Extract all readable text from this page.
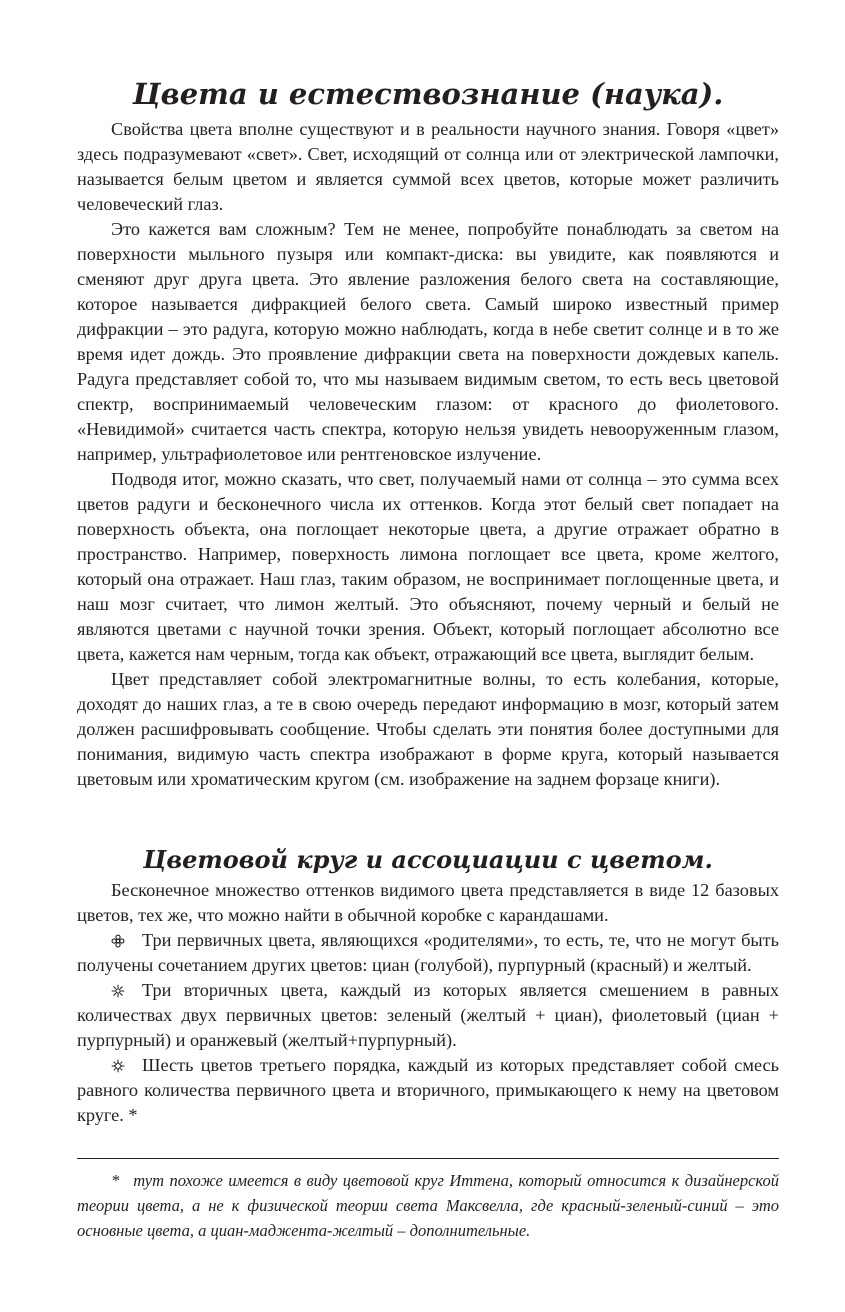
Цвета и естествознание (наука).

Свойства цвета вполне существуют и в реальности научного знания. Говоря «цвет» здесь подразумевают «свет». Свет, исходящий от солнца или от электрической лампочки, называется белым цветом и является суммой всех цветов, которые может различить человеческий глаз.

Это кажется вам сложным? Тем не менее, попробуйте понаблюдать за светом на поверхности мыльного пузыря или компакт-диска: вы увидите, как появляются и сменяют друг друга цвета. Это явление разложения белого света на составляющие, которое называется дифракцией белого света. Самый широко известный пример дифракции – это радуга, которую можно наблюдать, когда в небе светит солнце и в то же время идет дождь. Это проявление дифракции света на поверхности дождевых капель. Радуга представляет собой то, что мы называем видимым светом, то есть весь цветовой спектр, воспринимаемый человеческим глазом: от красного до фиолетового. «Невидимой» считается часть спектра, которую нельзя увидеть невооруженным глазом, например, ультрафиолетовое или рентгеновское излучение.

Подводя итог, можно сказать, что свет, получаемый нами от солнца – это сумма всех цветов радуги и бесконечного числа их оттенков. Когда этот белый свет попадает на поверхность объекта, она поглощает некоторые цвета, а другие отражает обратно в пространство. Например, поверхность лимона поглощает все цвета, кроме желтого, который она отражает. Наш глаз, таким образом, не воспринимает поглощенные цвета, и наш мозг считает, что лимон желтый. Это объясняют, почему черный и белый не являются цветами с научной точки зрения. Объект, который поглощает абсолютно все цвета, кажется нам черным, тогда как объект, отражающий все цвета, выглядит белым.

Цвет представляет собой электромагнитные волны, то есть колебания, которые, доходят до наших глаз, а те в свою очередь передают информацию в мозг, который затем должен расшифровывать сообщение. Чтобы сделать эти понятия более доступными для понимания, видимую часть спектра изображают в форме круга, который называется цветовым или хроматическим кругом (см. изображение на заднем форзаце книги).

Цветовой круг и ассоциации с цветом.

Бесконечное множество оттенков видимого цвета представляется в виде 12 базовых цветов, тех же, что можно найти в обычной коробке с карандашами.

Три первичных цвета, являющихся «родителями», то есть, те, что не могут быть получены сочетанием других цветов: циан (голубой), пурпурный (красный) и желтый.

Три вторичных цвета, каждый из которых является смешением в равных количествах двух первичных цветов: зеленый (желтый + циан), фиолетовый (циан + пурпурный) и оранжевый (желтый+пурпурный).

Шесть цветов третьего порядка, каждый из которых представляет собой смесь равного количества первичного цвета и вторичного, примыкающего к нему на цветовом круге. *

* тут похоже имеется в виду цветовой круг Иттена, который относится к дизайнерской теории цвета, а не к физической теории света Максвелла, где красный-зеленый-синий – это основные цвета, а циан-маджента-желтый – дополнительные.
